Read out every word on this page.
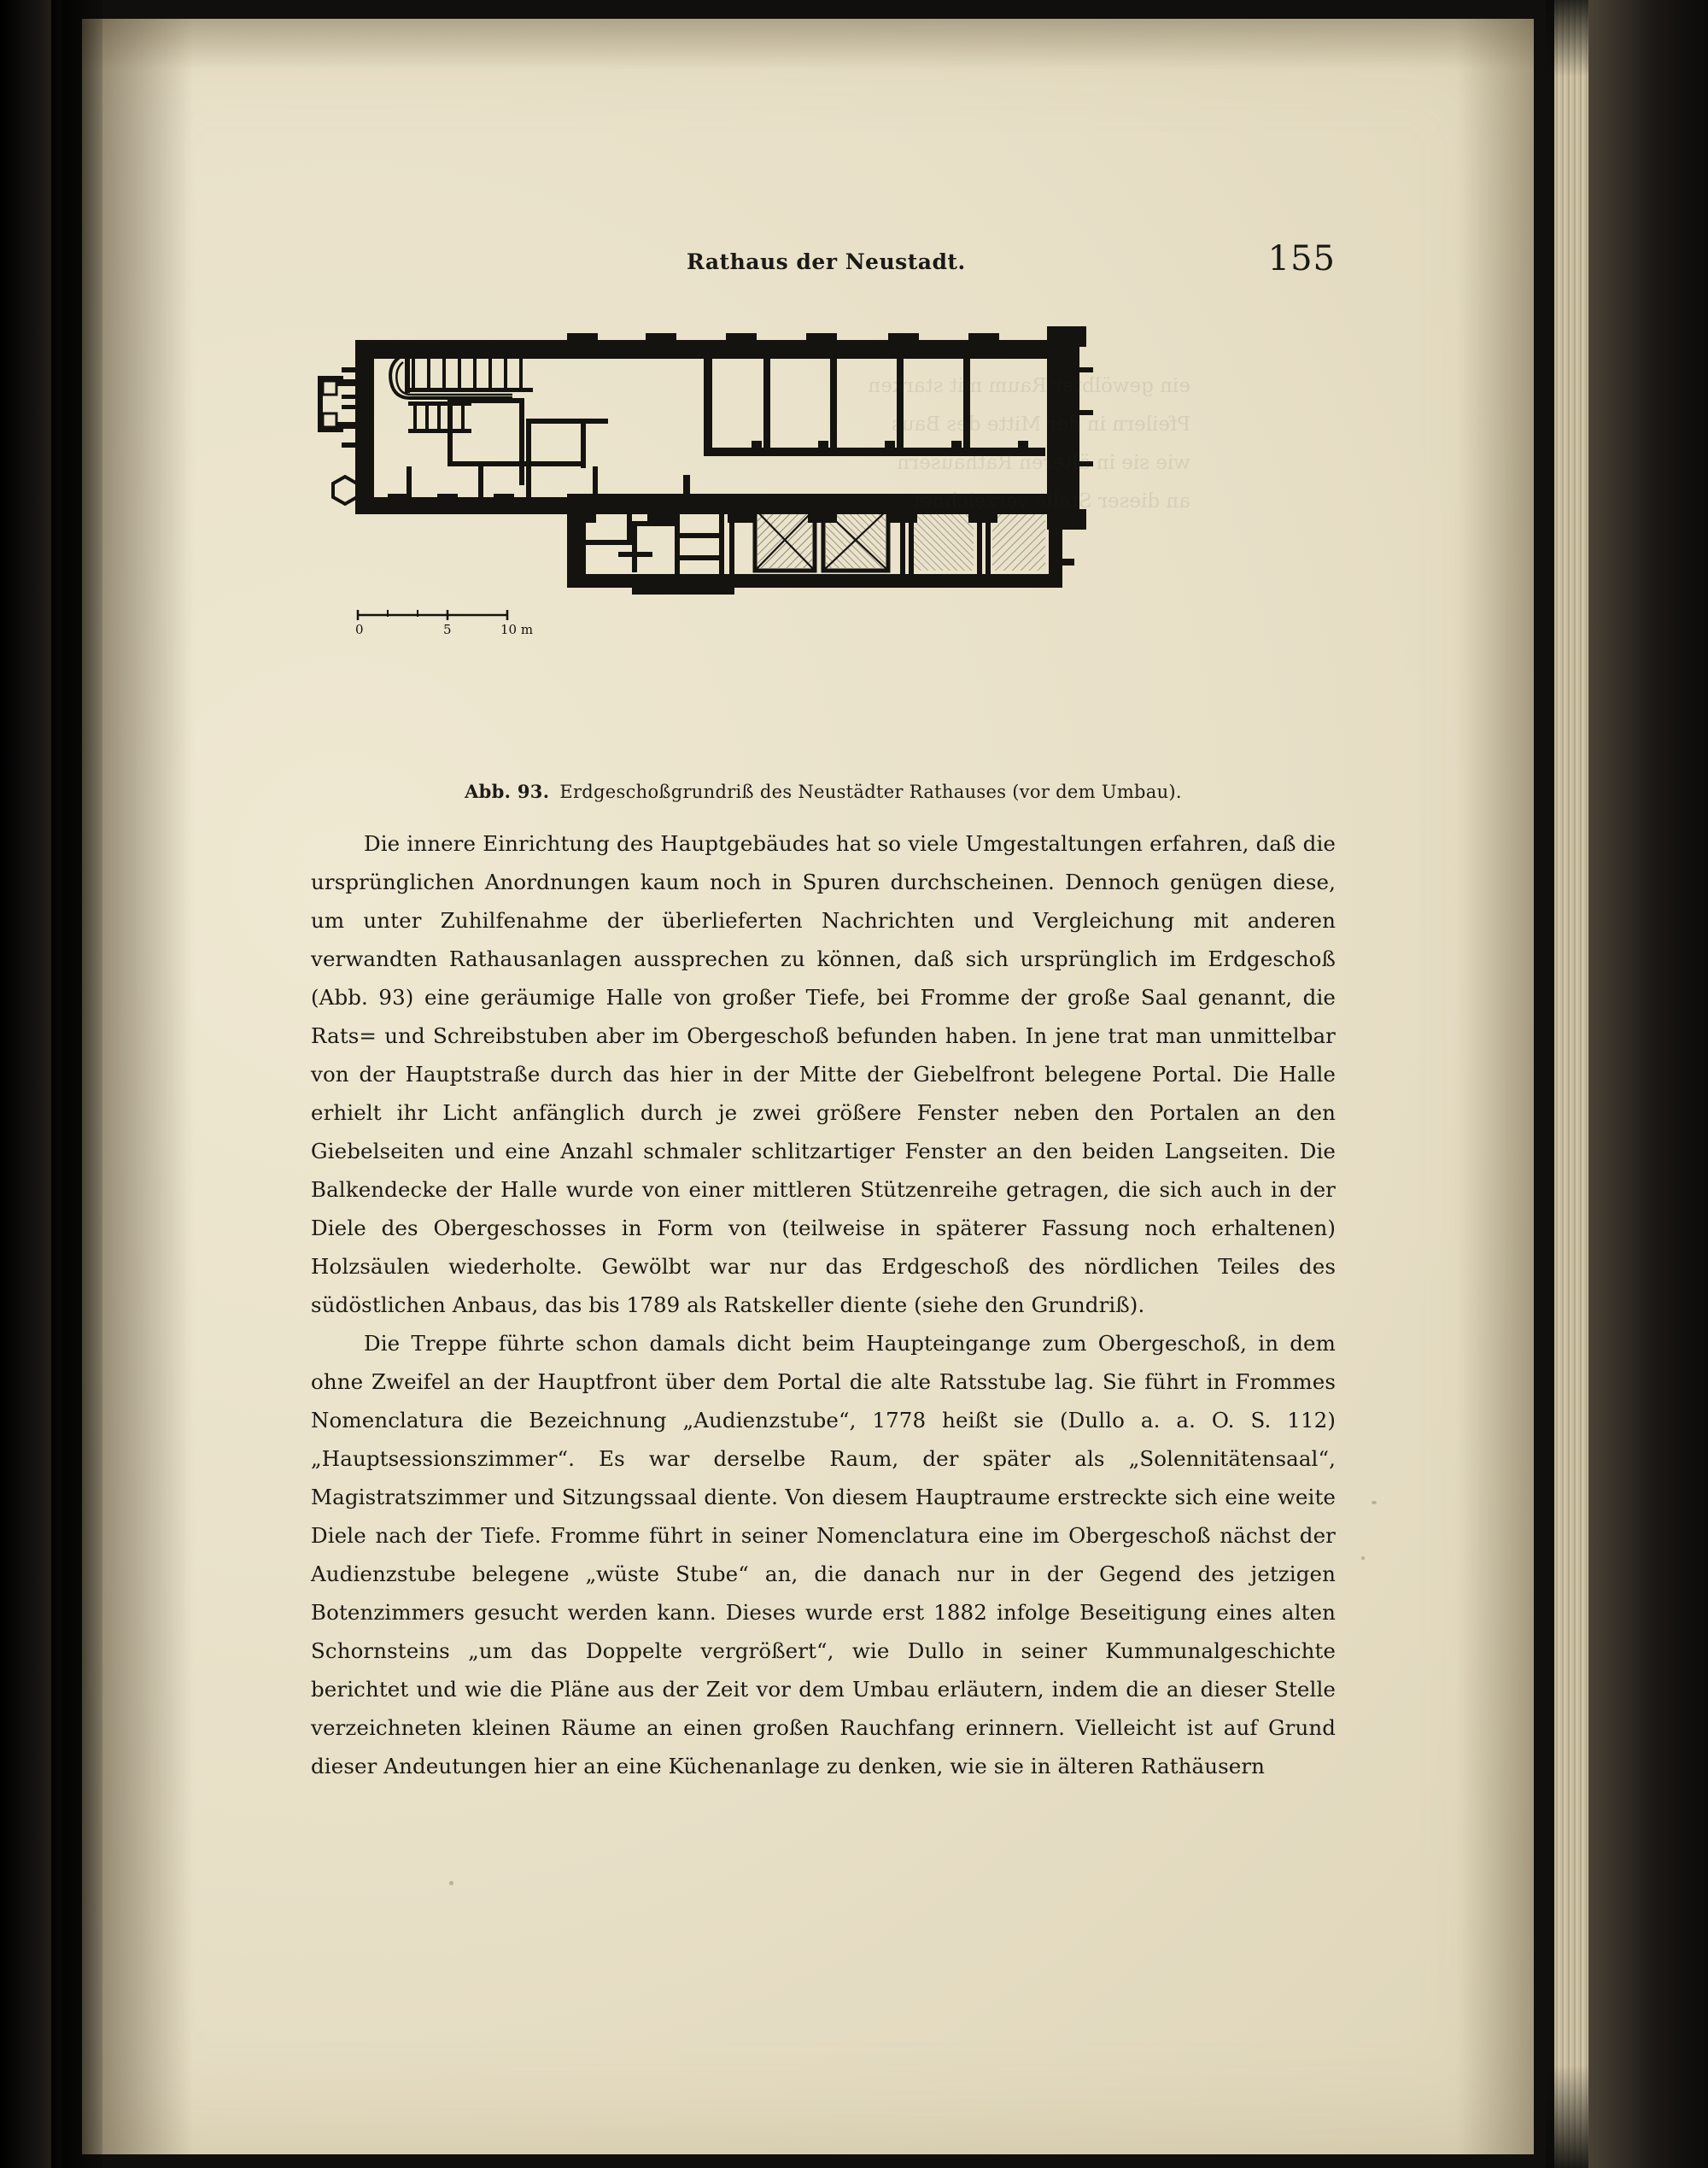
Rathaus der Neustadt.	155
ein gewölbter Raum mit starken
Pfeilern in der Mitte des Baus
wie sie in älteren Rathäusern
an dieser
0	5	10 m
Abb. 93. Erdgeschoßgrundriß des Neustädter Rathauses (vor dem Umbau).

Die innere Einrichtung des Hauptgebäudes hat so viele Umgestaltungen erfahren, daß die ursprünglichen Anordnungen kaum noch in Spuren durchscheinen. Dennoch genügen diese, um unter Zuhilfenahme der überlieferten Nachrichten und Vergleichung mit anderen verwandten Rathausanlagen aussprechen zu können, daß sich ursprünglich im Erdgeschoß (Abb. 93) eine geräumige Halle von großer Tiefe, bei Fromme der große Saal genannt, die Rats= und Schreibstuben aber im Obergeschoß befunden haben. In jene trat man unmittelbar von der Hauptstraße durch das hier in der Mitte der Giebelfront belegene Portal. Die Halle erhielt ihr Licht anfänglich durch je zwei größere Fenster neben den Portalen an den Giebelseiten und eine Anzahl schmaler schlitzartiger Fenster an den beiden Langseiten. Die Balkendecke der Halle wurde von einer mittleren Stützenreihe getragen, die sich auch in der Diele des Obergeschosses in Form von (teilweise in späterer Fassung noch erhaltenen) Holzsäulen wiederholte. Gewölbt war nur das Erdgeschoß des nördlichen Teiles des südöstlichen Anbaus, das bis 1789 als Ratskeller diente (siehe den Grundriß).

Die Treppe führte schon damals dicht beim Haupteingange zum Obergeschoß, in dem ohne Zweifel an der Hauptfront über dem Portal die alte Ratsstube lag. Sie führt in Frommes Nomenclatura die Bezeichnung „Audienzstube“, 1778 heißt sie (Dullo a. a. O. S. 112) „Hauptsessionszimmer“. Es war derselbe Raum, der später als „Solennitätensaal“, Magistratszimmer und Sitzungssaal diente. Von diesem Hauptraume erstreckte sich eine weite Diele nach der Tiefe. Fromme führt in seiner Nomenclatura eine im Obergeschoß nächst der Audienzstube belegene „wüste Stube“ an, die danach nur in der Gegend des jetzigen Botenzimmers gesucht werden kann. Dieses wurde erst 1882 infolge Beseitigung eines alten Schornsteins „um das Doppelte vergrößert“, wie Dullo in seiner Kummunalgeschichte berichtet und wie die Pläne aus der Zeit vor dem Umbau erläutern, indem die an dieser Stelle verzeichneten kleinen Räume an einen großen Rauchfang erinnern. Vielleicht ist auf Grund dieser Andeutungen hier an eine Küchenanlage zu denken, wie sie in älteren Rathäusern
